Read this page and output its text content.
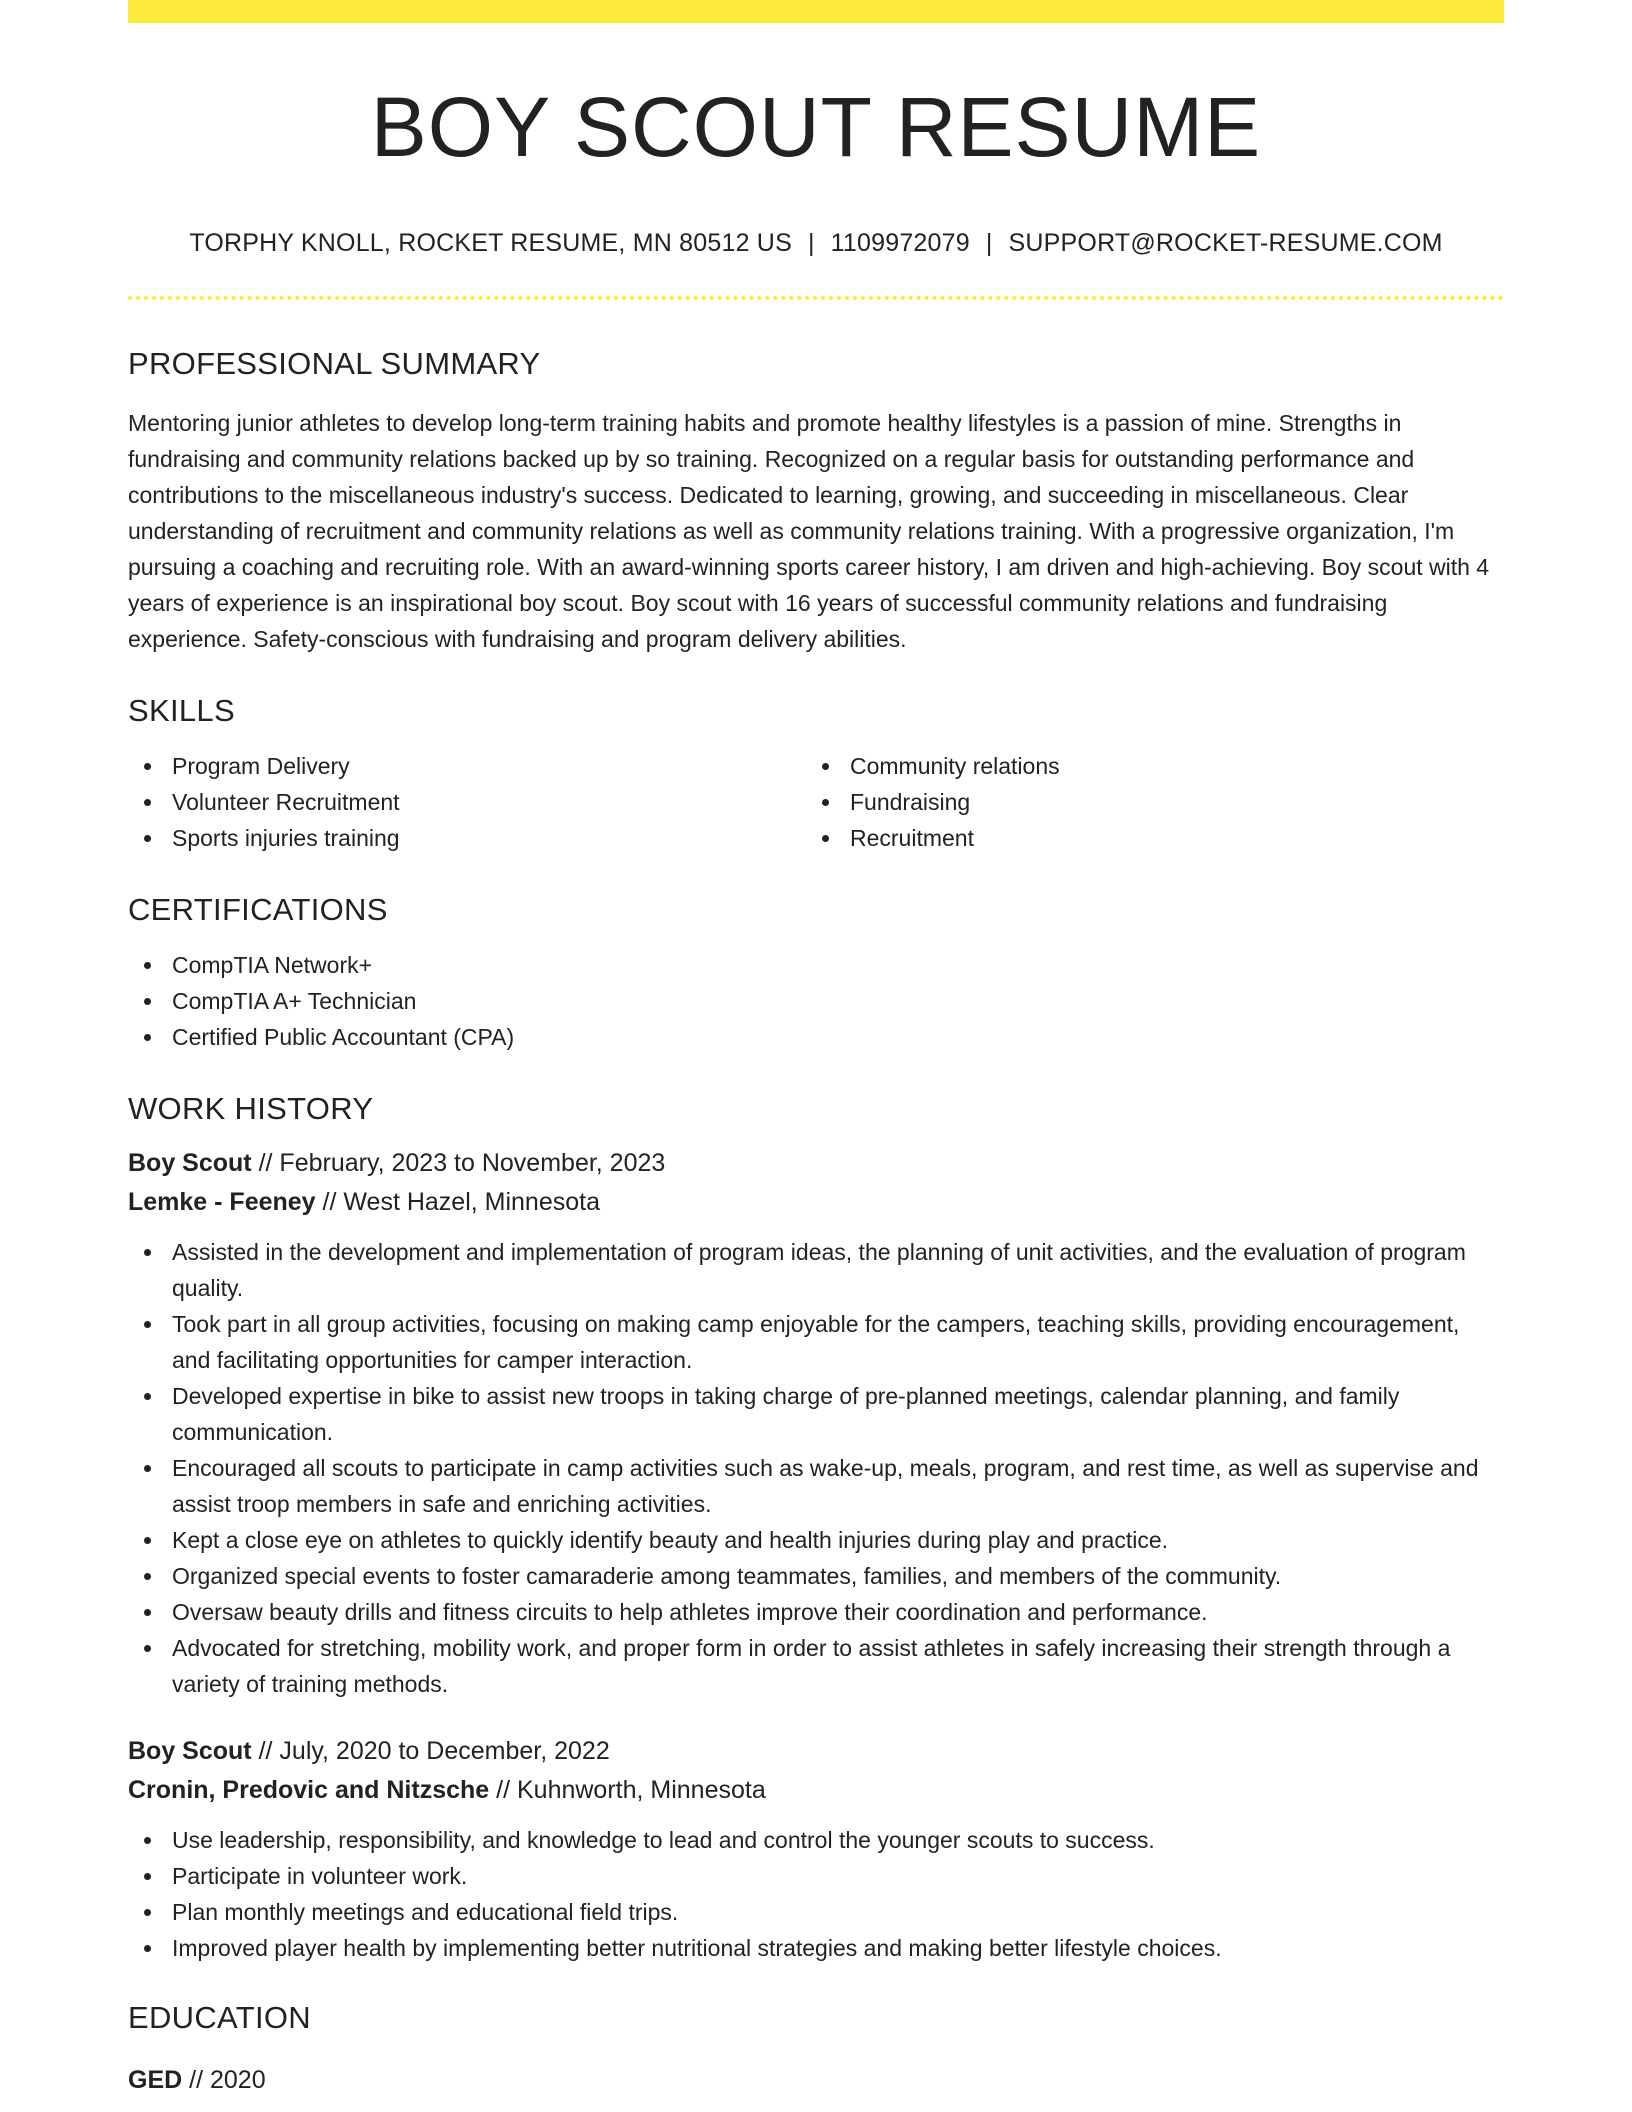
BOY SCOUT RESUME
TORPHY KNOLL, ROCKET RESUME, MN 80512 US | 1109972079 | SUPPORT@ROCKET-RESUME.COM
PROFESSIONAL SUMMARY

Mentoring junior athletes to develop long-term training habits and promote healthy lifestyles is a passion of mine. Strengths in fundraising and community relations backed up by so training. Recognized on a regular basis for outstanding performance and contributions to the miscellaneous industry's success. Dedicated to learning, growing, and succeeding in miscellaneous. Clear understanding of recruitment and community relations as well as community relations training. With a progressive organization, I'm pursuing a coaching and recruiting role. With an award-winning sports career history, I am driven and high-achieving. Boy scout with 4 years of experience is an inspirational boy scout. Boy scout with 16 years of successful community relations and fundraising experience. Safety-conscious with fundraising and program delivery abilities.

SKILLS
Program Delivery
Volunteer Recruitment
Sports injuries training
Community relations
Fundraising
Recruitment
CERTIFICATIONS
CompTIA Network+
CompTIA A+ Technician
Certified Public Accountant (CPA)
WORK HISTORY
Boy Scout // February, 2023 to November, 2023
Lemke - Feeney // West Hazel, Minnesota
Assisted in the development and implementation of program ideas, the planning of unit activities, and the evaluation of program quality.
Took part in all group activities, focusing on making camp enjoyable for the campers, teaching skills, providing encouragement, and facilitating opportunities for camper interaction.
Developed expertise in bike to assist new troops in taking charge of pre-planned meetings, calendar planning, and family communication.
Encouraged all scouts to participate in camp activities such as wake-up, meals, program, and rest time, as well as supervise and assist troop members in safe and enriching activities.
Kept a close eye on athletes to quickly identify beauty and health injuries during play and practice.
Organized special events to foster camaraderie among teammates, families, and members of the community.
Oversaw beauty drills and fitness circuits to help athletes improve their coordination and performance.
Advocated for stretching, mobility work, and proper form in order to assist athletes in safely increasing their strength through a variety of training methods.
Boy Scout // July, 2020 to December, 2022
Cronin, Predovic and Nitzsche // Kuhnworth, Minnesota
Use leadership, responsibility, and knowledge to lead and control the younger scouts to success.
Participate in volunteer work.
Plan monthly meetings and educational field trips.
Improved player health by implementing better nutritional strategies and making better lifestyle choices.
EDUCATION
GED // 2020
